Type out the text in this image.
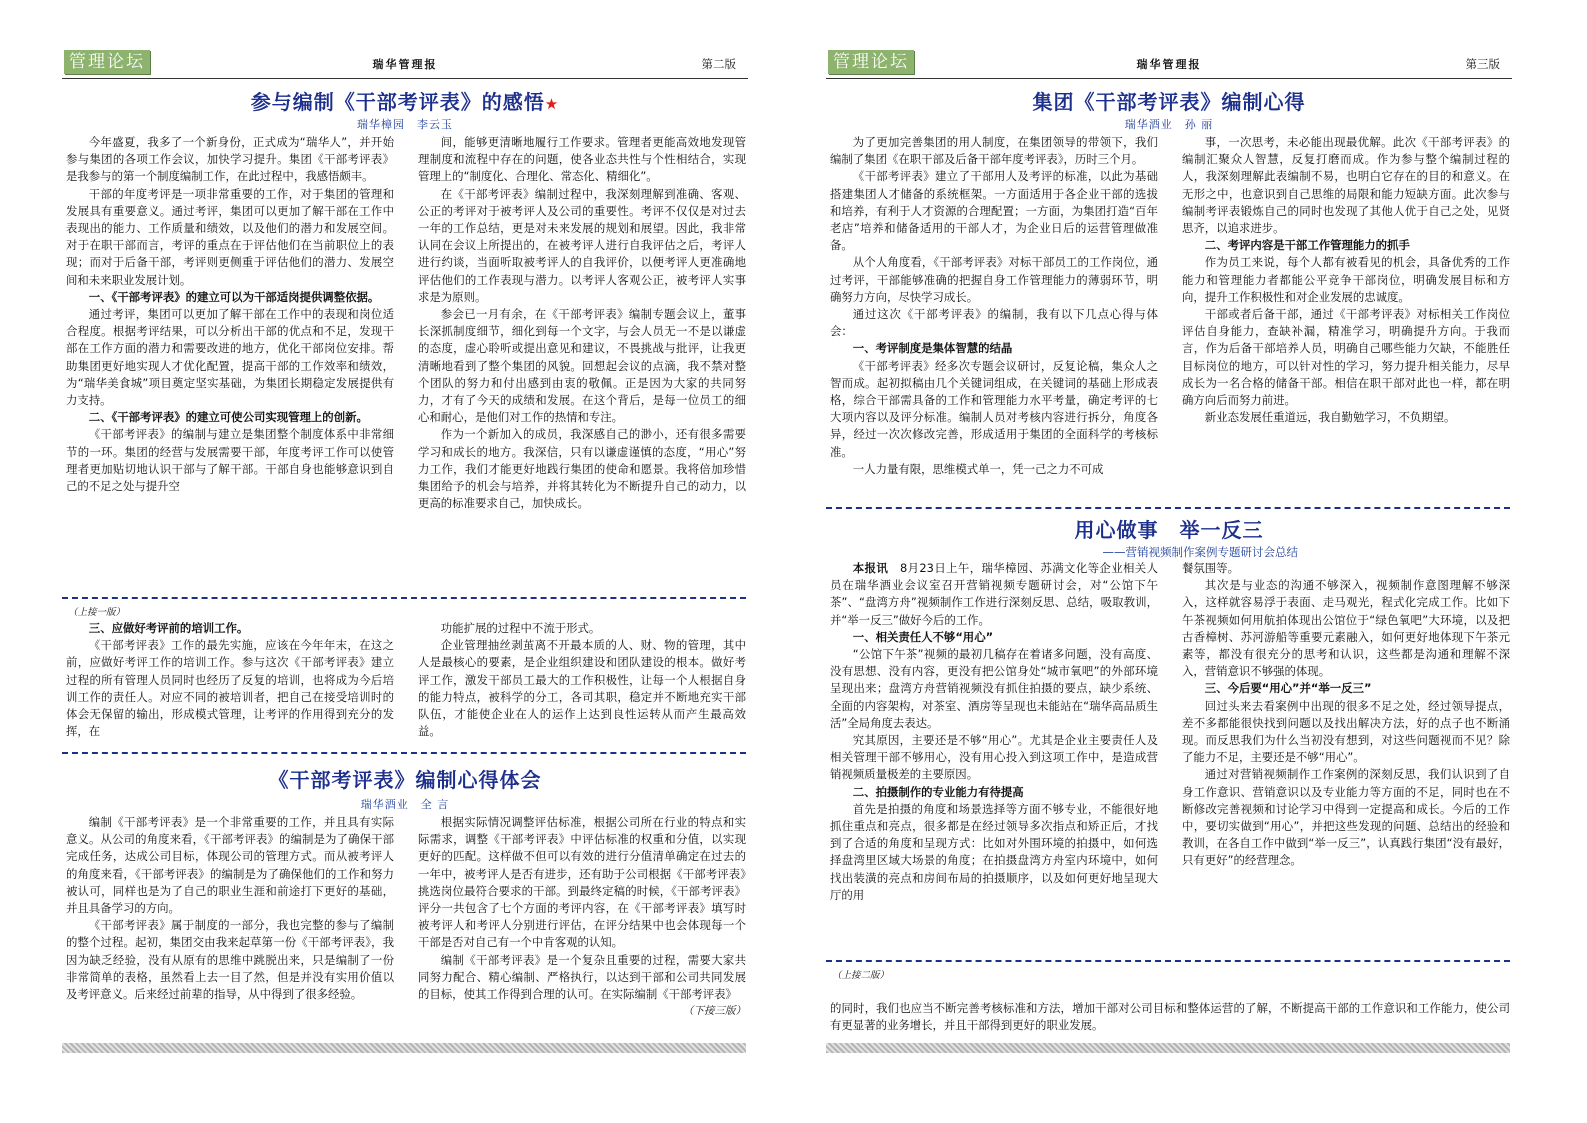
管理论坛	瑞华管理报	第二版
参与编制《干部考评表》的感悟★
瑞华樟园　李云玉

今年盛夏，我多了一个新身份，正式成为“瑞华人”，并开始参与集团的各项工作会议，加快学习提升。集团《干部考评表》是我参与的第一个制度编制工作，在此过程中，我感悟颇丰。

干部的年度考评是一项非常重要的工作，对于集团的管理和发展具有重要意义。通过考评，集团可以更加了解干部在工作中表现出的能力、工作质量和绩效，以及他们的潜力和发展空间。对于在职干部而言，考评的重点在于评估他们在当前职位上的表现；而对于后备干部，考评则更侧重于评估他们的潜力、发展空间和未来职业发展计划。

一、《干部考评表》的建立可以为干部适岗提供调整依据。

通过考评，集团可以更加了解干部在工作中的表现和岗位适合程度。根据考评结果，可以分析出干部的优点和不足，发现干部在工作方面的潜力和需要改进的地方，优化干部岗位安排。帮助集团更好地实现人才优化配置，提高干部的工作效率和绩效，为“瑞华美食城”项目奠定坚实基础，为集团长期稳定发展提供有力支持。

二、《干部考评表》的建立可使公司实现管理上的创新。

《干部考评表》的编制与建立是集团整个制度体系中非常细节的一环。集团的经营与发展需要干部，年度考评工作可以使管理者更加贴切地认识干部与了解干部。干部自身也能够意识到自己的不足之处与提升空

间，能够更清晰地履行工作要求。管理者更能高效地发现管理制度和流程中存在的问题，使各业态共性与个性相结合，实现管理上的“制度化、合理化、常态化、精细化”。

在《干部考评表》编制过程中，我深刻理解到准确、客观、公正的考评对于被考评人及公司的重要性。考评不仅仅是对过去一年的工作总结，更是对未来发展的规划和展望。因此，我非常认同在会议上所提出的，在被考评人进行自我评估之后，考评人进行约谈，当面听取被考评人的自我评价，以便考评人更准确地评估他们的工作表现与潜力。以考评人客观公正，被考评人实事求是为原则。

参会已一月有余，在《干部考评表》编制专题会议上，董事长深抓制度细节，细化到每一个文字，与会人员无一不是以谦虚的态度，虚心聆听或提出意见和建议，不畏挑战与批评，让我更清晰地看到了整个集团的风貌。回想起会议的点滴，我不禁对整个团队的努力和付出感到由衷的敬佩。正是因为大家的共同努力，才有了今天的成绩和发展。在这个背后，是每一位员工的细心和耐心，是他们对工作的热情和专注。

作为一个新加入的成员，我深感自己的渺小，还有很多需要学习和成长的地方。我深信，只有以谦虚谨慎的态度，“用心”努力工作，我们才能更好地践行集团的使命和愿景。我将倍加珍惜集团给予的机会与培养，并将其转化为不断提升自己的动力，以更高的标准要求自己，加快成长。

（上接一版）

三、应做好考评前的培训工作。

《干部考评表》工作的最先实施，应该在今年年末，在这之前，应做好考评工作的培训工作。参与这次《干部考评表》建立过程的所有管理人员同时也经历了反复的培训，也将成为今后培训工作的责任人。对应不同的被培训者，把自己在接受培训时的体会无保留的输出，形成模式管理，让考评的作用得到充分的发挥，在

功能扩展的过程中不流于形式。

企业管理抽丝剥茧离不开最本质的人、财、物的管理，其中人是最核心的要素，是企业组织建设和团队建设的根本。做好考评工作，激发干部员工最大的工作积极性，让每一个人根据自身的能力特点，被科学的分工，各司其职，稳定并不断地充实干部队伍，才能使企业在人的运作上达到良性运转从而产生最高效益。

《干部考评表》编制心得体会
瑞华酒业　全 言

编制《干部考评表》是一个非常重要的工作，并且具有实际意义。从公司的角度来看，《干部考评表》的编制是为了确保干部完成任务，达成公司目标，体现公司的管理方式。而从被考评人的角度来看，《干部考评表》的编制是为了确保他们的工作和努力被认可，同样也是为了自己的职业生涯和前途打下更好的基础，并且具备学习的方向。

《干部考评表》属于制度的一部分，我也完整的参与了编制的整个过程。起初，集团交由我来起草第一份《干部考评表》，我因为缺乏经验，没有从原有的思维中跳脱出来，只是编制了一份非常简单的表格，虽然看上去一目了然，但是并没有实用价值以及考评意义。后来经过前辈的指导，从中得到了很多经验。

根据实际情况调整评估标准，根据公司所在行业的特点和实际需求，调整《干部考评表》中评估标准的权重和分值，以实现更好的匹配。这样做不但可以有效的进行分值清单确定在过去的一年中，被考评人是否有进步，还有助于公司根据《干部考评表》挑选岗位最符合要求的干部。到最终定稿的时候，《干部考评表》评分一共包含了七个方面的考评内容，在《干部考评表》填写时被考评人和考评人分别进行评估，在评分结果中也会体现每一个干部是否对自己有一个中肯客观的认知。

编制《干部考评表》是一个复杂且重要的过程，需要大家共同努力配合、精心编制、严格执行，以达到干部和公司共同发展的目标，使其工作得到合理的认可。在实际编制《干部考评表》
（下接三版）

管理论坛	瑞华管理报	第三版
集团《干部考评表》编制心得
瑞华酒业　孙 丽

为了更加完善集团的用人制度，在集团领导的带领下，我们编制了集团《在职干部及后备干部年度考评表》，历时三个月。

《干部考评表》建立了干部用人及考评的标准，以此为基础搭建集团人才储备的系统框架。一方面适用于各企业干部的选拔和培养，有利于人才资源的合理配置；一方面，为集团打造“百年老店”培养和储备适用的干部人才，为企业日后的运营管理做准备。

从个人角度看，《干部考评表》对标干部员工的工作岗位，通过考评，干部能够准确的把握自身工作管理能力的薄弱环节，明确努力方向，尽快学习成长。

通过这次《干部考评表》的编制，我有以下几点心得与体会：

一、考评制度是集体智慧的结晶

《干部考评表》经多次专题会议研讨，反复论稿，集众人之智而成。起初拟稿由几个关键词组成，在关键词的基础上形成表格，综合干部需具备的工作和管理能力水平考量，确定考评的七大项内容以及评分标准。编制人员对考核内容进行拆分，角度各异，经过一次次修改完善，形成适用于集团的全面科学的考核标准。

一人力量有限，思维模式单一，凭一己之力不可成

事，一次思考，未必能出现最优解。此次《干部考评表》的编制汇聚众人智慧，反复打磨而成。作为参与整个编制过程的人，我深刻理解此表编制不易，也明白它存在的目的和意义。在无形之中，也意识到自己思维的局限和能力短缺方面。此次参与编制考评表锻炼自己的同时也发现了其他人优于自己之处，见贤思齐，以追求进步。

二、考评内容是干部工作管理能力的抓手

作为员工来说，每个人都有被看见的机会，具备优秀的工作能力和管理能力者都能公平竞争干部岗位，明确发展目标和方向，提升工作积极性和对企业发展的忠诚度。

干部或者后备干部，通过《干部考评表》对标相关工作岗位评估自身能力，查缺补漏，精准学习，明确提升方向。于我而言，作为后备干部培养人员，明确自己哪些能力欠缺，不能胜任目标岗位的地方，可以针对性的学习，努力提升相关能力，尽早成长为一名合格的储备干部。相信在职干部对此也一样，都在明确方向后而努力前进。

新业态发展任重道远，我自勤勉学习，不负期望。

用心做事　举一反三
——营销视频制作案例专题研讨会总结

本报讯　8月23日上午，瑞华樟园、苏满文化等企业相关人员在瑞华酒业会议室召开营销视频专题研讨会，对“公馆下午茶”、“盘湾方舟”视频制作工作进行深刻反思、总结，吸取教训，并“举一反三”做好今后的工作。

一、相关责任人不够“用心”

“公馆下午茶”视频的最初几稿存在着诸多问题，没有高度、没有思想、没有内容，更没有把公馆身处“城市氧吧”的外部环境呈现出来；盘湾方舟营销视频没有抓住拍摄的要点，缺少系统、全面的内容架构，对茶室、酒房等呈现也未能站在“瑞华高品质生活”全局角度去表达。

究其原因，主要还是不够“用心”。尤其是企业主要责任人及相关管理干部不够用心，没有用心投入到这项工作中，是造成营销视频质量极差的主要原因。

二、拍摄制作的专业能力有待提高

首先是拍摄的角度和场景选择等方面不够专业，不能很好地抓住重点和亮点，很多都是在经过领导多次指点和矫正后，才找到了合适的角度和呈现方式：比如对外围环境的拍摄中，如何选择盘湾里区域大场景的角度；在拍摄盘湾方舟室内环境中，如何找出装潢的亮点和房间布局的拍摄顺序，以及如何更好地呈现大厅的用

餐氛围等。

其次是与业态的沟通不够深入，视频制作意图理解不够深入，这样就容易浮于表面、走马观光，程式化完成工作。比如下午茶视频如何用航拍体现出公馆位于“绿色氧吧”大环境，以及把古香樟树、苏河游船等重要元素融入，如何更好地体现下午茶元素等，都没有很充分的思考和认识，这些都是沟通和理解不深入，营销意识不够强的体现。

三、今后要“用心”并“举一反三”

回过头来去看案例中出现的很多不足之处，经过领导提点，差不多都能很快找到问题以及找出解决方法，好的点子也不断涌现。而反思我们为什么当初没有想到，对这些问题视而不见？除了能力不足，主要还是不够“用心”。

通过对营销视频制作工作案例的深刻反思，我们认识到了自身工作意识、营销意识以及专业能力等方面的不足，同时也在不断修改完善视频和讨论学习中得到一定提高和成长。今后的工作中，要切实做到“用心”，并把这些发现的问题、总结出的经验和教训，在各自工作中做到“举一反三”，认真践行集团“没有最好，只有更好”的经营理念。

（上接二版）

的同时，我们也应当不断完善考核标准和方法，增加干部对公司目标和整体运营的了解，不断提高干部的工作意识和工作能力，使公司有更显著的业务增长，并且干部得到更好的职业发展。
